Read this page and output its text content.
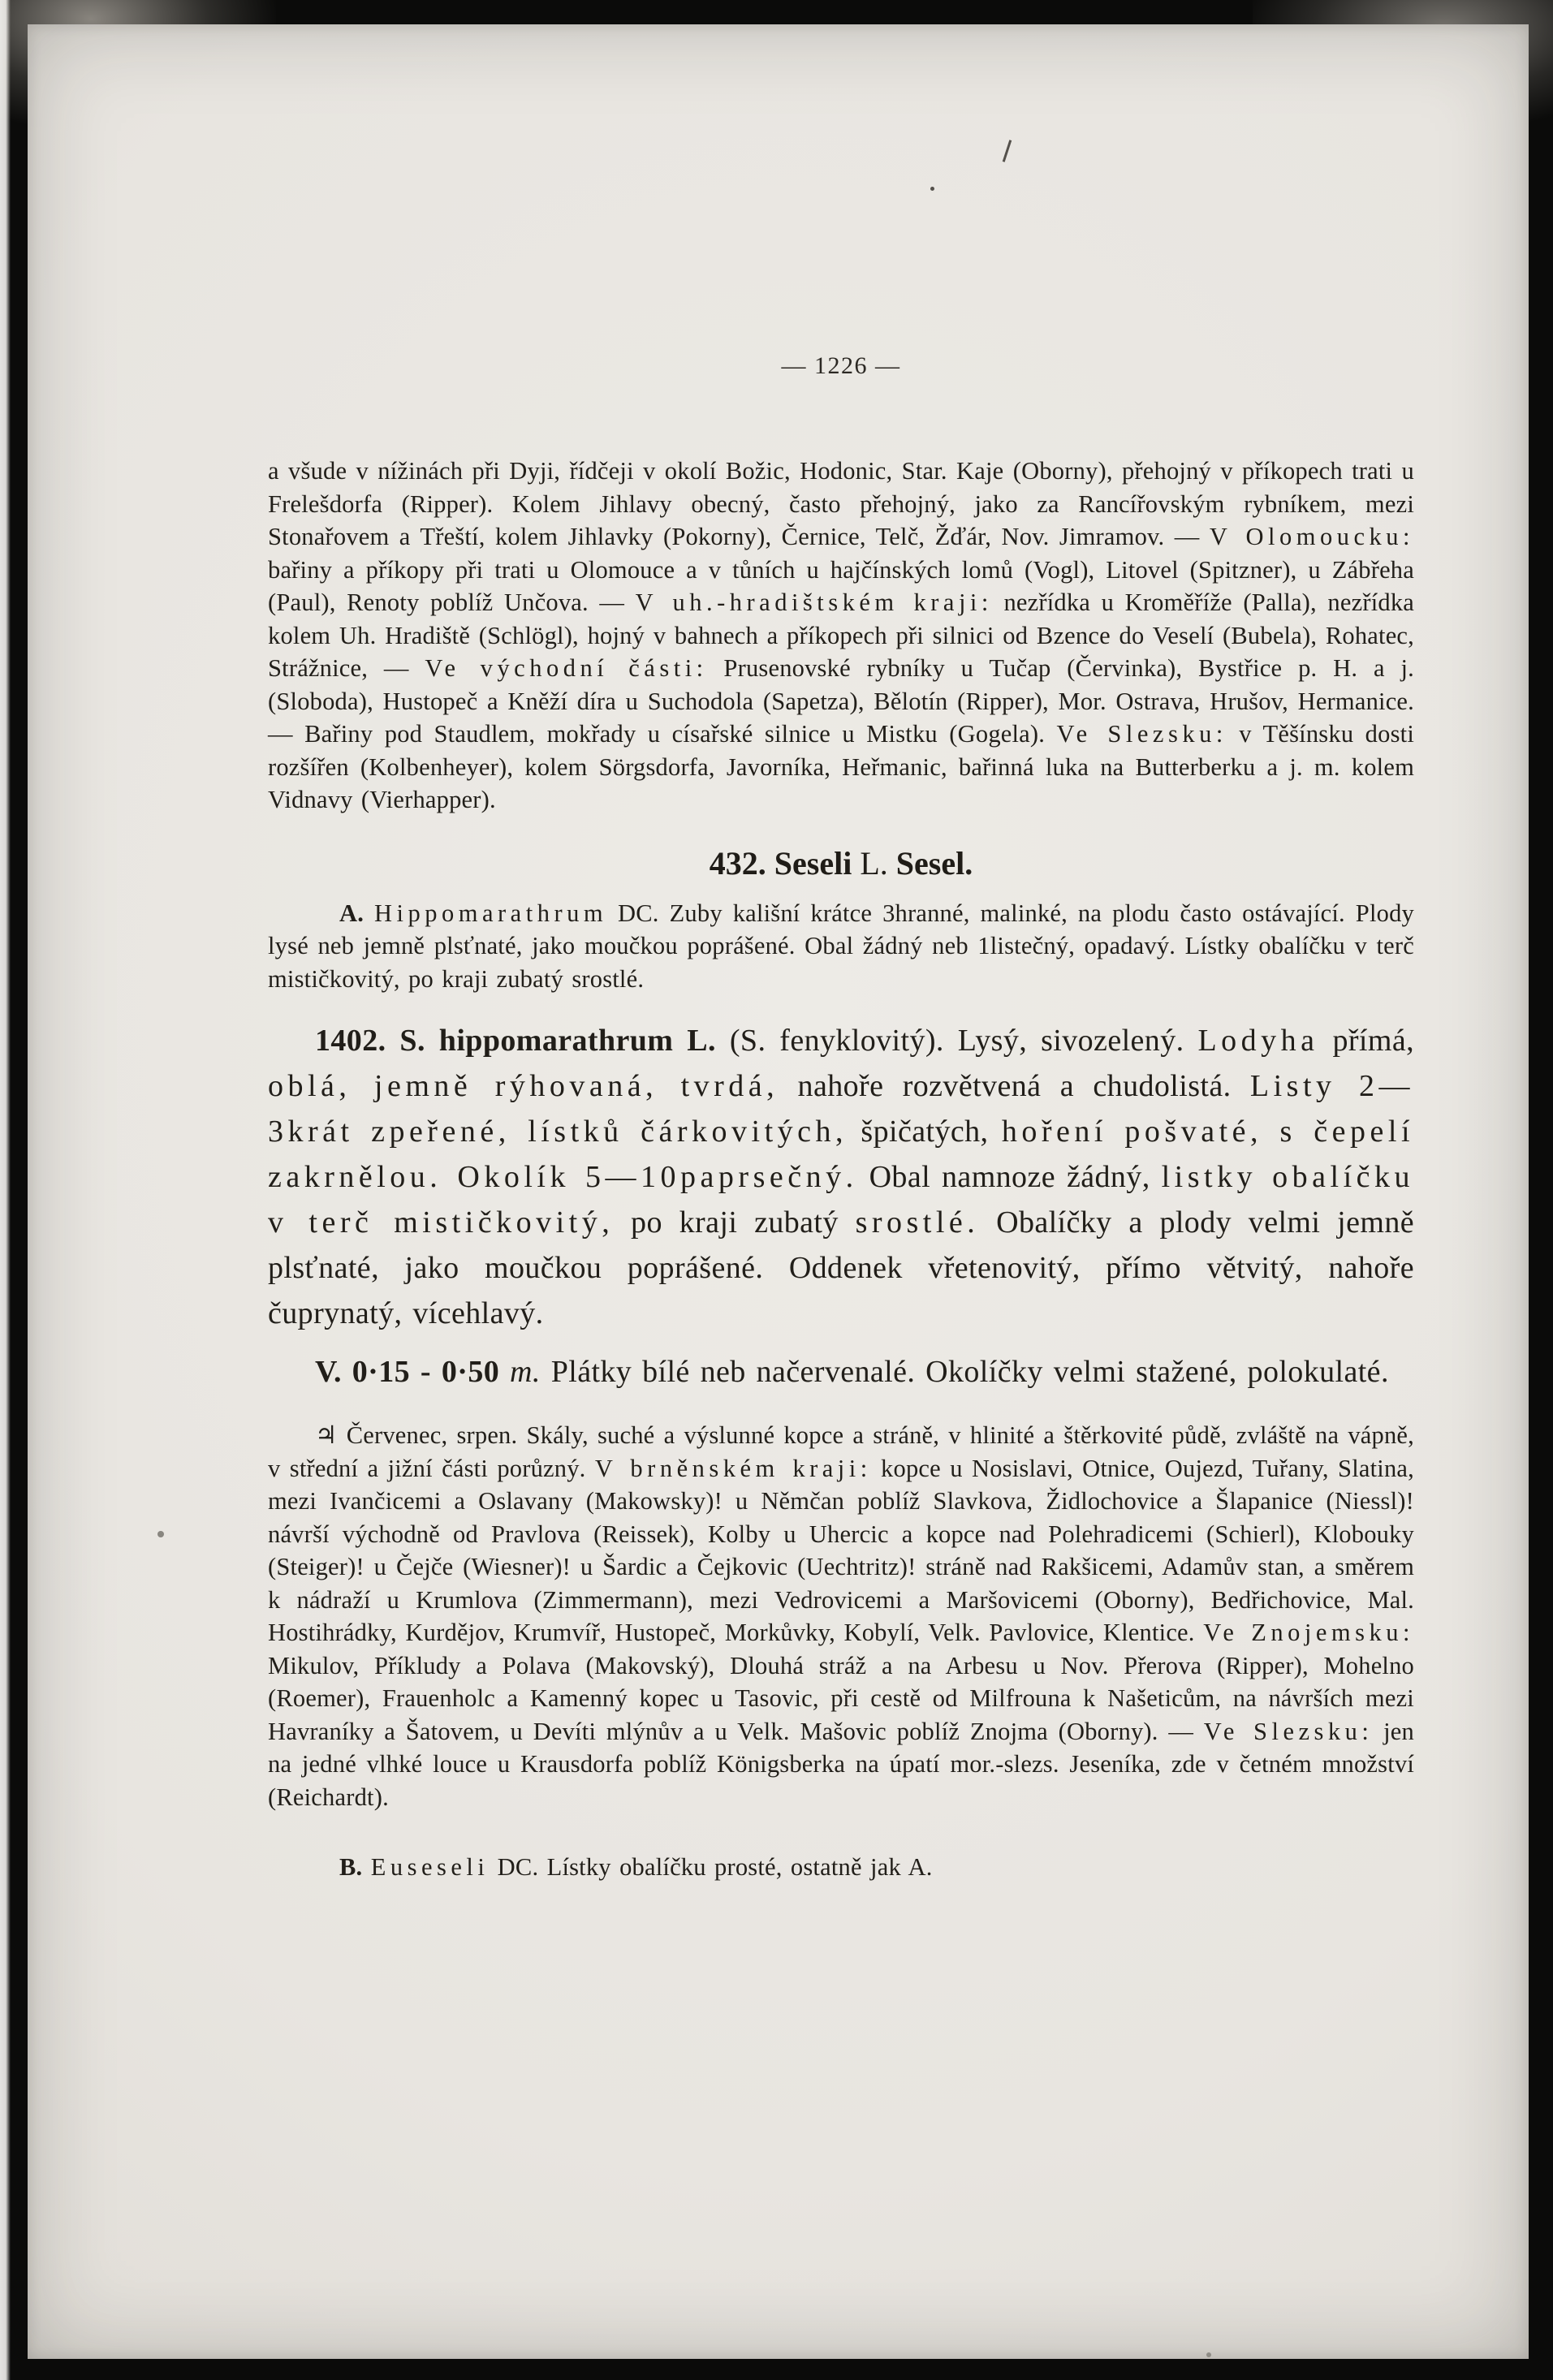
— 1226 —

a všude v nížinách při Dyji, řídčeji v okolí Božic, Hodonic, Star. Kaje (Oborny), přehojný v příkopech trati u Frelešdorfa (Ripper). Kolem Jihlavy obecný, často přehojný, jako za Rancířovským rybníkem, mezi Stonařovem a Třeští, kolem Jihlavky (Pokorny), Černice, Telč, Žďár, Nov. Jimramov. — V Olomoucku: bařiny a příkopy při trati u Olomouce a v tůních u hajčínských lomů (Vogl), Litovel (Spitzner), u Zábřeha (Paul), Renoty poblíž Unčova. — V uh.-hradištském kraji: nezřídka u Kroměříže (Palla), nezřídka kolem Uh. Hradiště (Schlögl), hojný v bahnech a příkopech při silnici od Bzence do Veselí (Bubela), Rohatec, Strážnice, — Ve východní části: Prusenovské rybníky u Tučap (Červinka), Bystřice p. H. a j. (Sloboda), Hustopeč a Kněží díra u Suchodola (Sapetza), Bělotín (Ripper), Mor. Ostrava, Hrušov, Hermanice. — Bařiny pod Staudlem, mokřady u císařské silnice u Mistku (Gogela). Ve Slezsku: v Těšínsku dosti rozšířen (Kolbenheyer), kolem Sörgsdorfa, Javorníka, Heřmanic, bařinná luka na Butterberku a j. m. kolem Vidnavy (Vierhapper).

432. Seseli L. Sesel.

A. Hippomarathrum DC. Zuby kališní krátce 3hranné, malinké, na plodu často ostávající. Plody lysé neb jemně plsťnaté, jako moučkou poprášené. Obal žádný neb 1listečný, opadavý. Lístky obalíčku v terč mističkovitý, po kraji zubatý srostlé.

1402. S. hippomarathrum L. (S. fenyklovitý). Lysý, sivozelený. Lodyha přímá, oblá, jemně rýhovaná, tvrdá, nahoře rozvětvená a chudolistá. Listy 2—3krát zpeřené, lístků čárkovitých, špičatých, hoření pošvaté, s čepelí zakrnělou. Okolík 5—10paprsečný. Obal namnoze žádný, listky obalíčku v terč mističkovitý, po kraji zubatý srostlé. Obalíčky a plody velmi jemně plsťnaté, jako moučkou poprášené. Oddenek vřetenovitý, přímo větvitý, nahoře čuprynatý, vícehlavý.

V. 0·15 - 0·50 m. Plátky bílé neb načervenalé. Okolíčky velmi stažené, polokulaté.

♃ Červenec, srpen. Skály, suché a výslunné kopce a stráně, v hlinité a štěrkovité půdě, zvláště na vápně, v střední a jižní části porůzný. V brněnském kraji: kopce u Nosislavi, Otnice, Oujezd, Tuřany, Slatina, mezi Ivančicemi a Oslavany (Makowsky)! u Němčan poblíž Slavkova, Židlochovice a Šlapanice (Niessl)! návrší východně od Pravlova (Reissek), Kolby u Uhercic a kopce nad Polehradicemi (Schierl), Klobouky (Steiger)! u Čejče (Wiesner)! u Šardic a Čejkovic (Uechtritz)! stráně nad Rakšicemi, Adamův stan, a směrem k nádraží u Krumlova (Zimmermann), mezi Vedrovicemi a Maršovicemi (Oborny), Bedřichovice, Mal. Hostihrádky, Kurdějov, Krumvíř, Hustopeč, Morkůvky, Kobylí, Velk. Pavlovice, Klentice. Ve Znojemsku: Mikulov, Příkludy a Polava (Makovský), Dlouhá stráž a na Arbesu u Nov. Přerova (Ripper), Mohelno (Roemer), Frauenholc a Kamenný kopec u Tasovic, při cestě od Milfrouna k Našeticům, na návrších mezi Havraníky a Šatovem, u Devíti mlýnův a u Velk. Mašovic poblíž Znojma (Oborny). — Ve Slezsku: jen na jedné vlhké louce u Krausdorfa poblíž Königsberka na úpatí mor.-slezs. Jeseníka, zde v četném množství (Reichardt).

B. Euseseli DC. Lístky obalíčku prosté, ostatně jak A.
